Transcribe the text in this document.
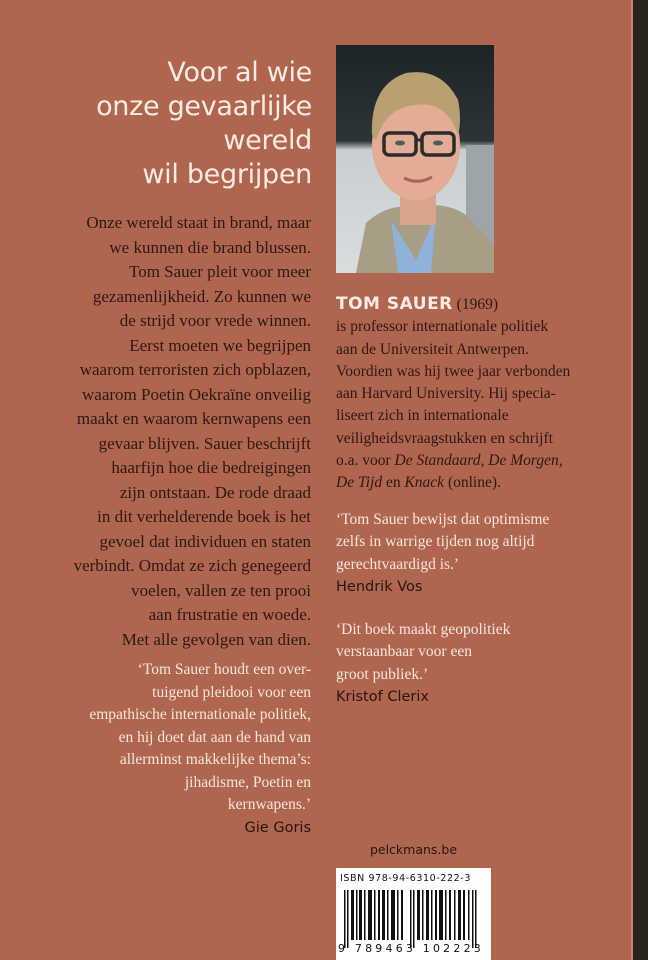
Voor al wie
onze gevaarlijke
wereld
wil begrijpen
Onze wereld staat in brand, maar
we kunnen die brand blussen.
Tom Sauer pleit voor meer
gezamenlijkheid. Zo kunnen we
de strijd voor vrede winnen.
Eerst moeten we begrijpen
waarom terroristen zich opblazen,
waarom Poetin Oekraïne onveilig
maakt en waarom kernwapens een
gevaar blijven. Sauer beschrijft
haarfijn hoe die bedreigingen
zijn ontstaan. De rode draad
in dit verhelderende boek is het
gevoel dat individuen en staten
verbindt. Omdat ze zich genegeerd
voelen, vallen ze ten prooi
aan frustratie en woede.
Met alle gevolgen van dien.
‘Tom Sauer houdt een over-
tuigend pleidooi voor een
empathische internationale politiek,
en hij doet dat aan de hand van
allerminst makkelijke thema’s:
jihadisme, Poetin en
kernwapens.’
Gie Goris
TOM SAUER (1969)
is professor internationale politiek
aan de Universiteit Antwerpen.
Voordien was hij twee jaar verbonden
aan Harvard University. Hij specia-
liseert zich in internationale
veiligheidsvraagstukken en schrijft
o.a. voor De Standaard, De Morgen,
De Tijd en Knack (online).
‘Tom Sauer bewijst dat optimisme
zelfs in warrige tijden nog altijd
gerechtvaardigd is.’
Hendrik Vos
‘Dit boek maakt geopolitiek
verstaanbaar voor een
groot publiek.’
Kristof Clerix
pelckmans.be
ISBN 978-94-6310-222-3
9 789463 102223
